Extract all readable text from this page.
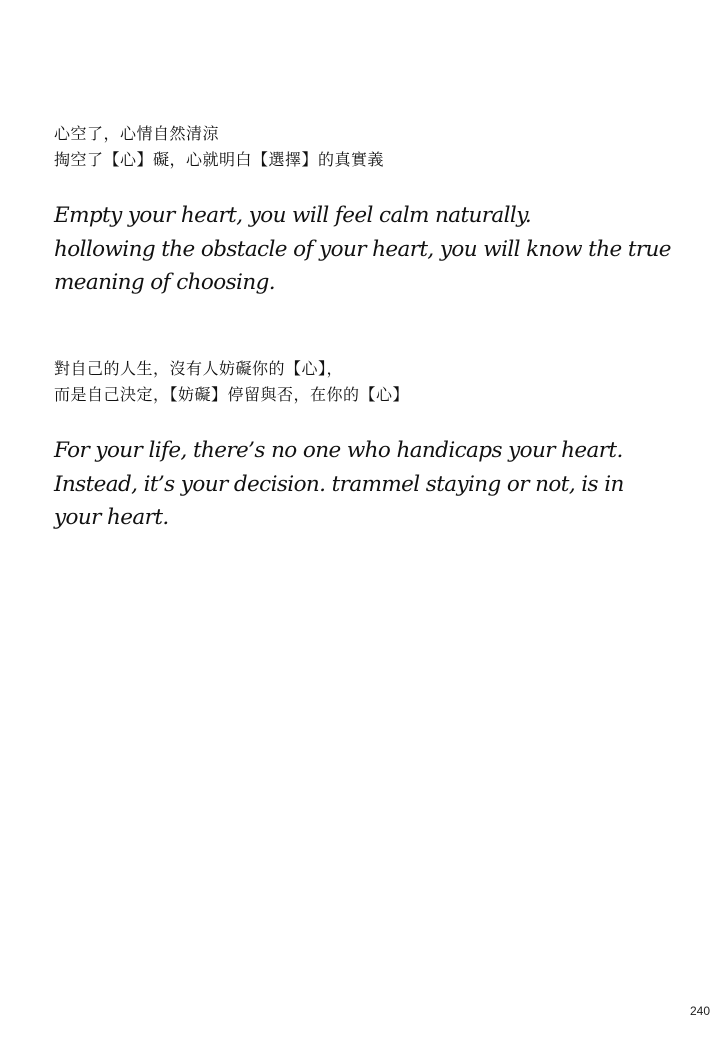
心空了，心情自然清涼
掏空了【心】礙，心就明白【選擇】的真實義
Empty your heart, you will feel calm naturally.
hollowing the obstacle of your heart, you will know the true meaning of choosing.
對自己的人生，沒有人妨礙你的【心】，
而是自己決定，【妨礙】停留與否，在你的【心】
For your life, there’s no one who handicaps your heart.
Instead, it’s your decision. trammel staying or not, is in your heart.
240
